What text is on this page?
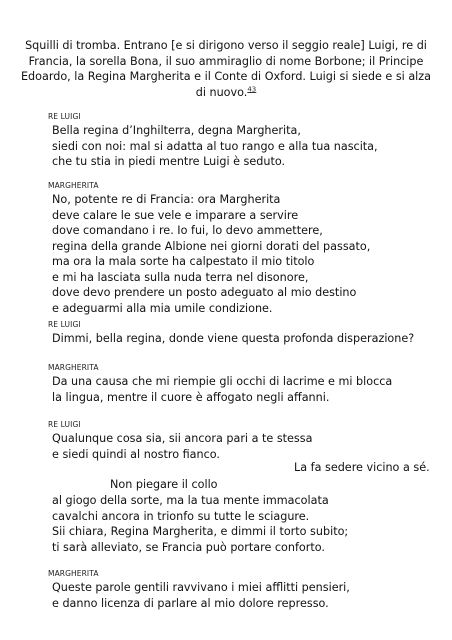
Squilli di tromba. Entrano [e si dirigono verso il seggio reale] Luigi, re di
Francia, la sorella Bona, il suo ammiraglio di nome Borbone; il Principe
Edoardo, la Regina Margherita e il Conte di Oxford. Luigi si siede e si alza
di nuovo.$^{43}$
RE LUIGI
Bella regina d’Inghilterra, degna Margherita,
siedi con noi: mal si adatta al tuo rango e alla tua nascita,
che tu stia in piedi mentre Luigi è seduto.
MARGHERITA
No, potente re di Francia: ora Margherita
deve calare le sue vele e imparare a servire
dove comandano i re. Io fui, lo devo ammettere,
regina della grande Albione nei giorni dorati del passato,
ma ora la mala sorte ha calpestato il mio titolo
e mi ha lasciata sulla nuda terra nel disonore,
dove devo prendere un posto adeguato al mio destino
e adeguarmi alla mia umile condizione.
RE LUIGI
Dimmi, bella regina, donde viene questa profonda disperazione?
MARGHERITA
Da una causa che mi riempie gli occhi di lacrime e mi blocca
la lingua, mentre il cuore è affogato negli affanni.
RE LUIGI
Qualunque cosa sia, sii ancora pari a te stessa
e siedi quindi al nostro fianco.
La fa sedere vicino a sé.
Non piegare il collo
al giogo della sorte, ma la tua mente immacolata
cavalchi ancora in trionfo su tutte le sciagure.
Sii chiara, Regina Margherita, e dimmi il torto subito;
ti sarà alleviato, se Francia può portare conforto.
MARGHERITA
Queste parole gentili ravvivano i miei afflitti pensieri,
e danno licenza di parlare al mio dolore represso.
